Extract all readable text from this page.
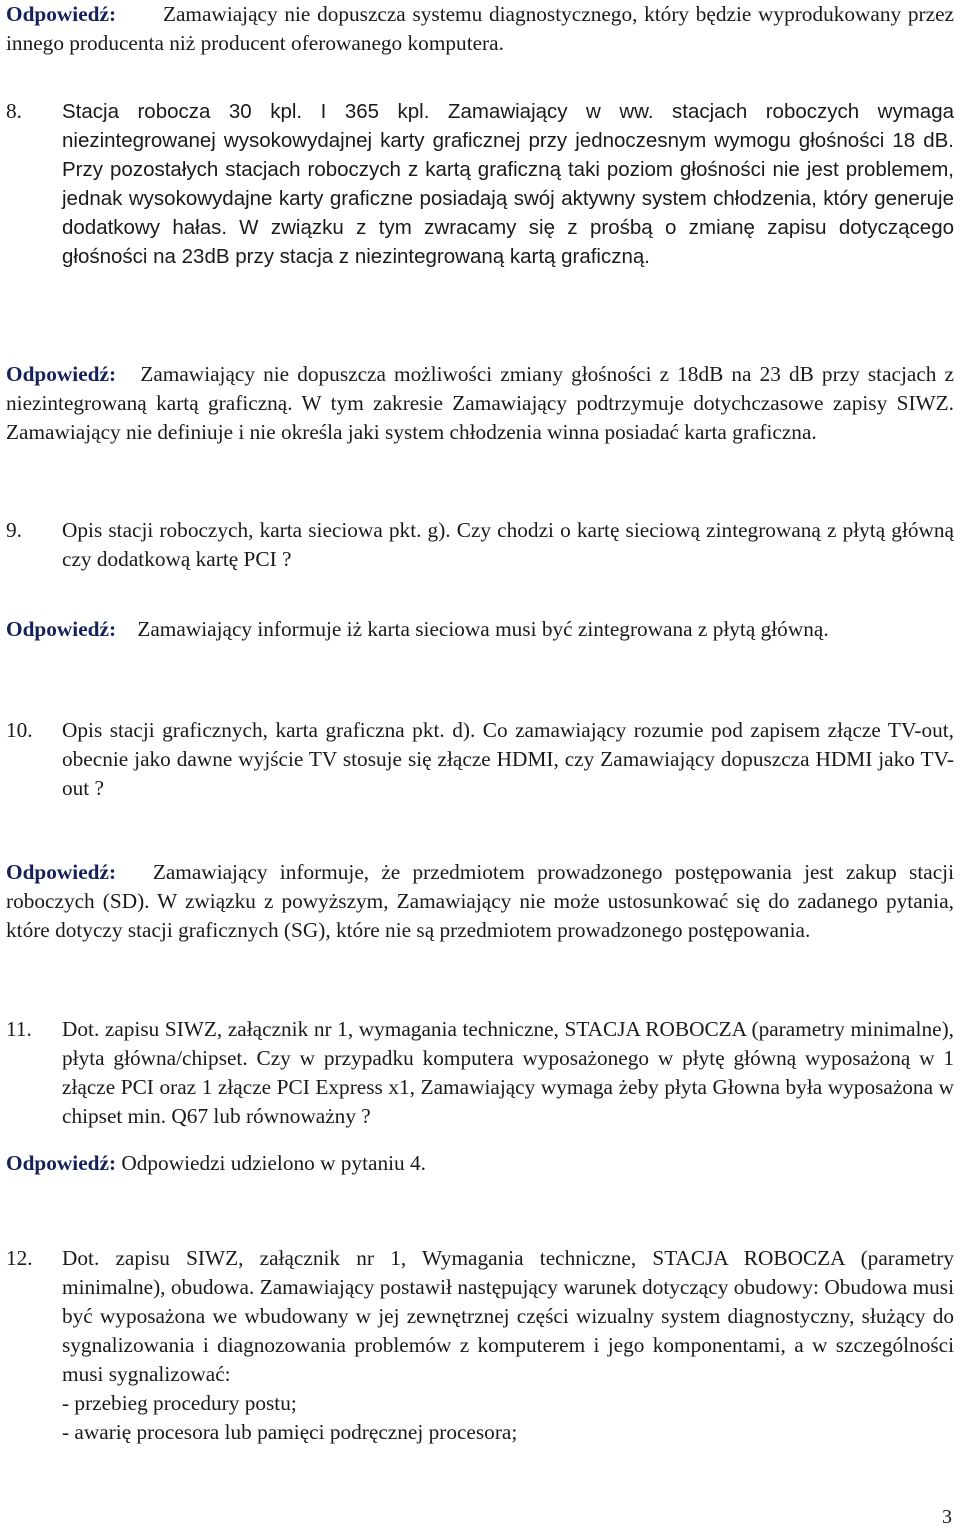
Odpowiedź: Zamawiający nie dopuszcza systemu diagnostycznego, który będzie wyprodukowany przez innego producenta niż producent oferowanego komputera.
8. Stacja robocza 30 kpl. I 365 kpl. Zamawiający w ww. stacjach roboczych wymaga niezintegrowanej wysokowydajnej karty graficznej przy jednoczesnym wymogu głośności 18 dB. Przy pozostałych stacjach roboczych z kartą graficzną taki poziom głośności nie jest problemem, jednak wysokowydajne karty graficzne posiadają swój aktywny system chłodzenia, który generuje dodatkowy hałas. W związku z tym zwracamy się z prośbą o zmianę zapisu dotyczącego głośności na 23dB przy stacja z niezintegrowaną kartą graficzną.
Odpowiedź: Zamawiający nie dopuszcza możliwości zmiany głośności z 18dB na 23 dB przy stacjach z niezintegrowaną kartą graficzną. W tym zakresie Zamawiający podtrzymuje dotychczasowe zapisy SIWZ. Zamawiający nie definiuje i nie określa jaki system chłodzenia winna posiadać karta graficzna.
9. Opis stacji roboczych, karta sieciowa pkt. g). Czy chodzi o kartę sieciową zintegrowaną z płytą główną czy dodatkową kartę PCI ?
Odpowiedź: Zamawiający informuje iż karta sieciowa musi być zintegrowana z płytą główną.
10. Opis stacji graficznych, karta graficzna pkt. d). Co zamawiający rozumie pod zapisem złącze TV-out, obecnie jako dawne wyjście TV stosuje się złącze HDMI, czy Zamawiający dopuszcza HDMI jako TV-out ?
Odpowiedź: Zamawiający informuje, że przedmiotem prowadzonego postępowania jest zakup stacji roboczych (SD). W związku z powyższym, Zamawiający nie może ustosunkować się do zadanego pytania, które dotyczy stacji graficznych (SG), które nie są przedmiotem prowadzonego postępowania.
11. Dot. zapisu SIWZ, załącznik nr 1, wymagania techniczne, STACJA ROBOCZA (parametry minimalne), płyta główna/chipset. Czy w przypadku komputera wyposażonego w płytę główną wyposażoną w 1 złącze PCI oraz 1 złącze PCI Express x1, Zamawiający wymaga żeby płyta Głowna była wyposażona w chipset min. Q67 lub równoważny ?
Odpowiedź: Odpowiedzi udzielono w pytaniu 4.
12. Dot. zapisu SIWZ, załącznik nr 1, Wymagania techniczne, STACJA ROBOCZA (parametry minimalne), obudowa. Zamawiający postawił następujący warunek dotyczący obudowy: Obudowa musi być wyposażona we wbudowany w jej zewnętrznej części wizualny system diagnostyczny, służący do sygnalizowania i diagnozowania problemów z komputerem i jego komponentami, a w szczególności musi sygnalizować:
- przebieg procedury postu;
- awarię procesora lub pamięci podręcznej procesora;
3
